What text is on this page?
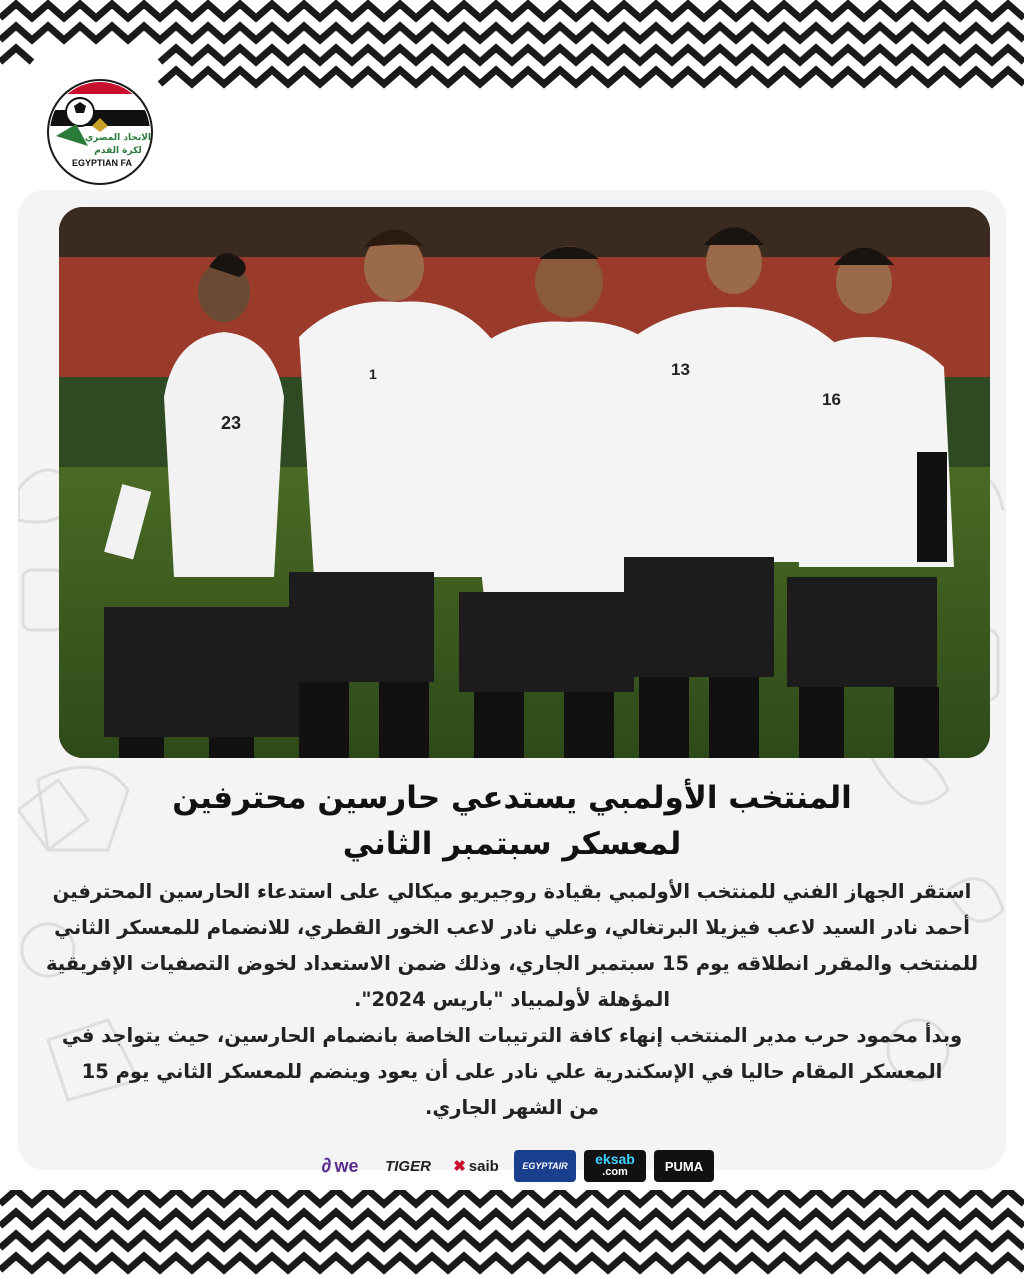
الاتحاد المصري
لكرة القدم
EGYPTIAN FA
23
1	13
16
المنتخب الأولمبي يستدعي حارسين محترفين
لمعسكر سبتمبر الثاني

استقر الجهاز الفني للمنتخب الأولمبي بقيادة روجيريو ميكالي على استدعاء الحارسين المحترفين

أحمد نادر السيد لاعب فيزيلا البرتغالي، وعلي نادر لاعب الخور القطري، للانضمام للمعسكر الثاني

للمنتخب والمقرر انطلاقه يوم 15 سبتمبر الجاري، وذلك ضمن الاستعداد لخوض التصفيات الإفريقية

المؤهلة لأولمبياد "باريس 2024".

وبدأ محمود حرب مدير المنتخب إنهاء كافة الترتيبات الخاصة بانضمام الحارسين، حيث يتواجد في

المعسكر المقام حاليا في الإسكندرية علي نادر على أن يعود وينضم للمعسكر الثاني يوم 15

من الشهر الجاري.

∂ we TIGER ✖ saib	EGYPTAIR eksab
.com	PUMA
